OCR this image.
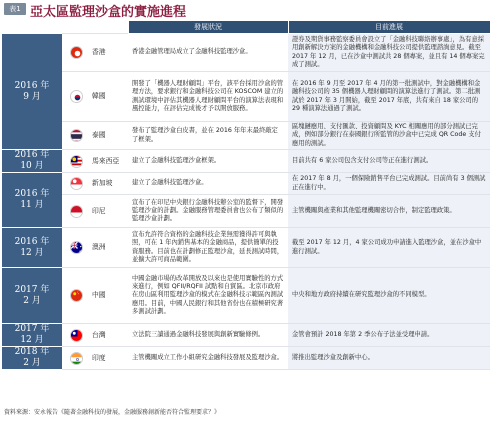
表1 亞太區監理沙盒的實施進程
			發展狀況	目前進展
2016 年
9 月		香港	香港金融管理局成立了金融科技監理沙盒。	證券及期貨事務監察委員會設立了「金融科技聯絡辦事處」，為有意採用創新解決方案的金融機構和金融科技公司提供監理諮詢意見。截至 2017 年 12 月，已在沙盒中測試共 28 個專案，並且有 14 個專案完成了測試。
	韓國	開發了「機器人理財顧問」平台，該平台採用沙盒的管理方法，要求銀行和金融科技公司在 KOSCOM 建立的測試環境中評估其機器人理財顧問平台的演算法表現和風控能力，在評估完成後才予以開放服務。	在 2016 年 9 月至 2017 年 4 月的第一批測試中，對金融機構和金融科技公司的 35 個機器人理財顧問的演算法進行了測試。第二批測試於 2017 年 3 月開始，截至 2017 年底，共有來自 18 家公司的 29 種演算法通過了測試。
	泰國	發布了監理沙盒白皮書，並在 2016 年年末最終敲定了框架。	區塊鏈應用、支付匯款、投資顧問及 KYC 相關應用的部分測試已完成，例如部分銀行在泰國銀行所監管的沙盒中已完成 QR Code 支付應用的測試。
2016 年
10 月		馬來西亞	建立了金融科技監理沙盒框架。	目前共有 6 家公司包含支付公司等正在進行測試。
2016 年
11 月		新加坡	建立了金融科技監理沙盒。	在 2017 年 8 月，一個保險銷售平台已完成測試。目前尚有 3 個測試正在進行中。
	印尼	宣布了在印尼中央銀行金融科技辦公室的監督下，開發監理沙盒的計劃。金融服務管理委員會也公布了類似的監理沙盒計劃。	主管機關與產業和其他監理機關密切合作，制定監理政策。
2016 年
12 月		澳洲	宣布允許符合資格的金融科技企業無需獲得許可與執照，可在 1 年內銷售基本的金融商品，提供簡單的投資服務。目前也在計劃修正監理沙盒，延長測試時間，並擴大許可商品範圍。	截至 2017 年 12 月，4 家公司成功申請進入監理沙盒，並在沙盒中進行測試。
2017 年
2 月		中國	中國金融市場的改革開放及以來也是使用實驗性的方式來進行，例如 QFII/RQFII 試點和自貿區。北京市政府在房山區利用監理沙盒的模式在金融科技示範區內測試應用。目前，中國人民銀行和其他省份也在積極研究著多測試計劃。	中央和地方政府持續在研究監理沙盒的不同模型。
2017 年
12 月		台灣	立法院三讀通過金融科技發展與創新實驗條例。	金管會預計 2018 年第 2 季公布子法並受理申請。
2018 年
2 月		印度	主管機關成立工作小組研究金融科技發展及監理沙盒。	將推出監理沙盒及創新中心。
資料來源：安永報告《隨著金融科技的發展，金融服務創新能否符合監理要求？》
